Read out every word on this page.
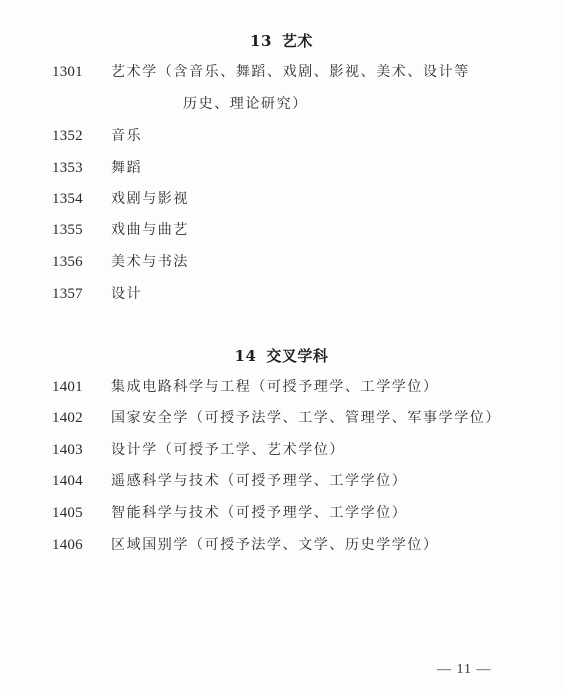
13 艺术
1301 艺术学（含音乐、舞蹈、戏剧、影视、美术、设计等
历史、理论研究）
1352 音乐
1353 舞蹈
1354 戏剧与影视
1355 戏曲与曲艺
1356 美术与书法
1357 设计
14 交叉学科
1401 集成电路科学与工程（可授予理学、工学学位）
1402 国家安全学（可授予法学、工学、管理学、军事学学位）
1403 设计学（可授予工学、艺术学位）
1404 遥感科学与技术（可授予理学、工学学位）
1405 智能科学与技术（可授予理学、工学学位）
1406 区域国别学（可授予法学、文学、历史学学位）
— 11 —
